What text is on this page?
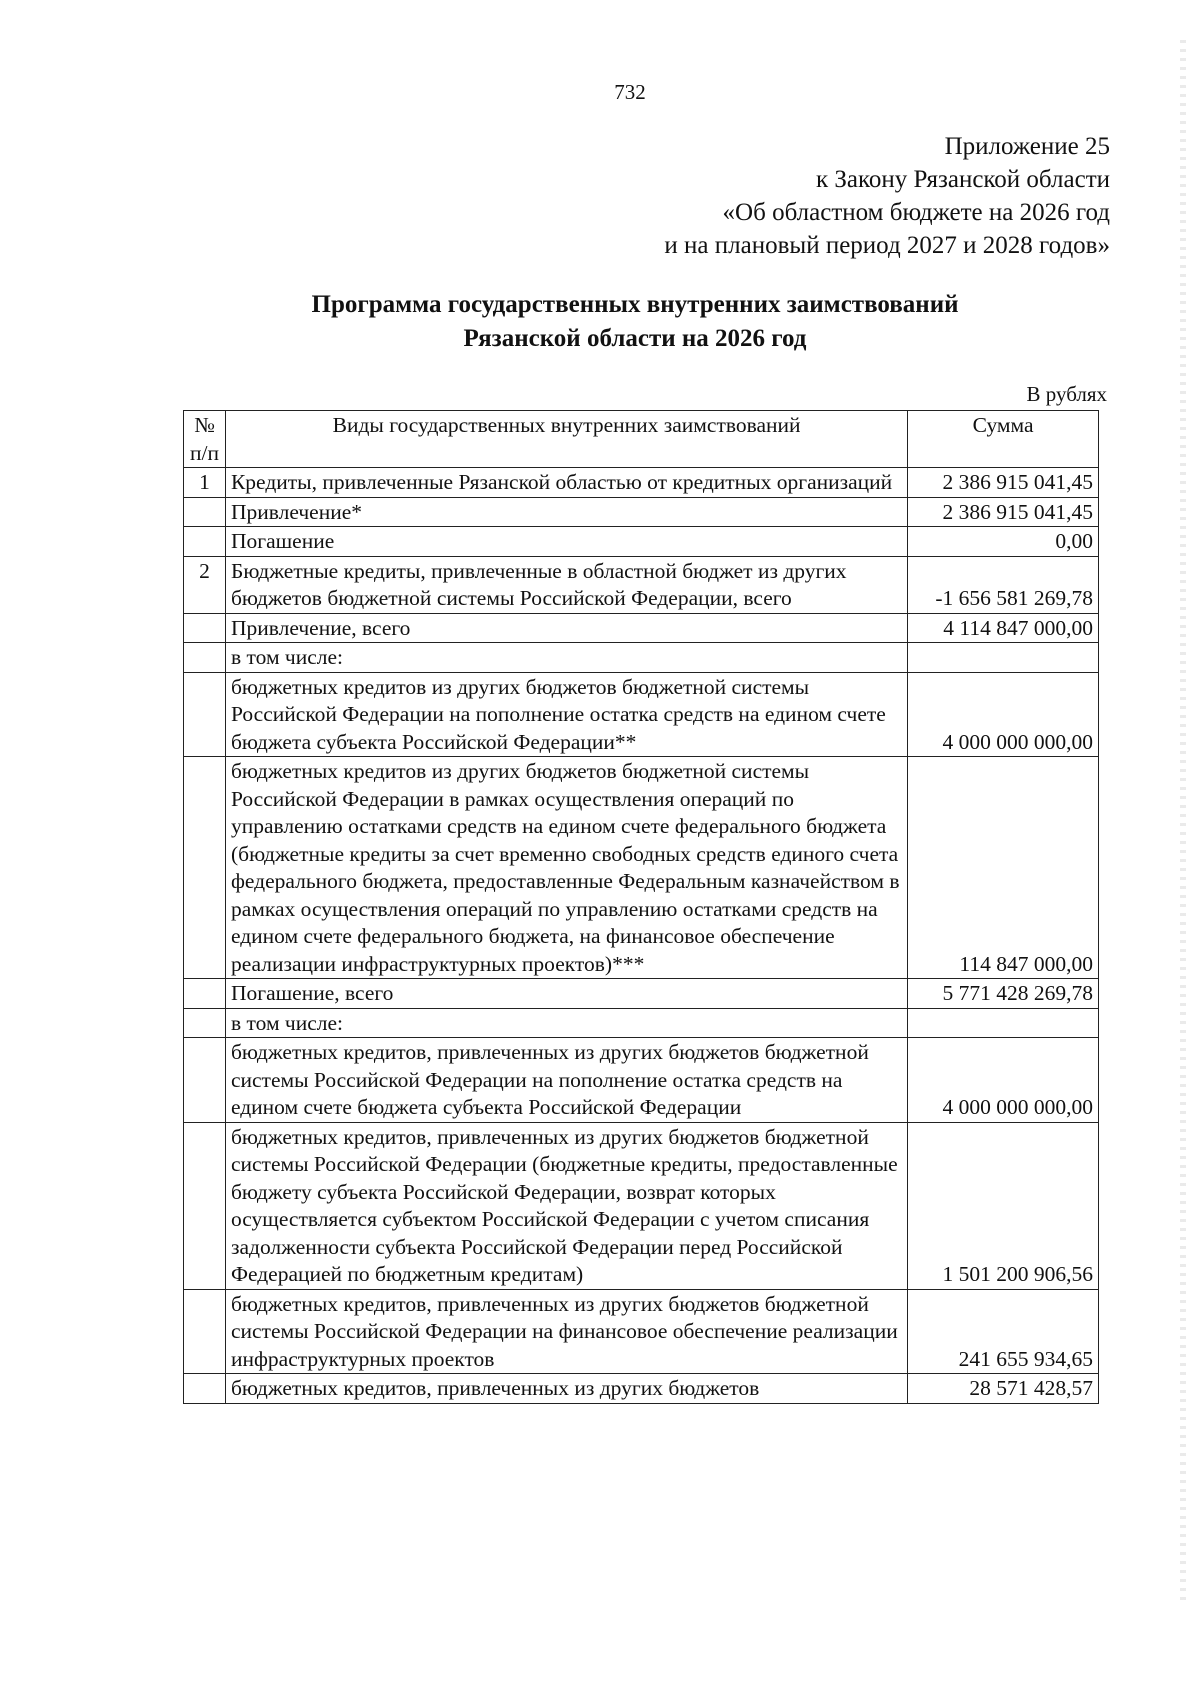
732
Приложение 25
к Закону Рязанской области
«Об областном бюджете на 2026 год
и на плановый период 2027 и 2028 годов»
Программа государственных внутренних заимствований
Рязанской области на 2026 год
В рублях
№ п/п	Виды государственных внутренних заимствований	Сумма
1	Кредиты, привлеченные Рязанской областью от кредитных организаций	2 386 915 041,45
	Привлечение*	2 386 915 041,45
	Погашение	0,00
2	Бюджетные кредиты, привлеченные в областной бюджет из других бюджетов бюджетной системы Российской Федерации, всего	-1 656 581 269,78
	Привлечение, всего	4 114 847 000,00
	в том числе:	
	бюджетных кредитов из других бюджетов бюджетной системы Российской Федерации на пополнение остатка средств на едином счете бюджета субъекта Российской Федерации**	4 000 000 000,00
	бюджетных кредитов из других бюджетов бюджетной системы Российской Федерации в рамках осуществления операций по управлению остатками средств на едином счете федерального бюджета (бюджетные кредиты за счет временно свободных средств единого счета федерального бюджета, предоставленные Федеральным казначейством в рамках осуществления операций по управлению остатками средств на едином счете федерального бюджета, на финансовое обеспечение реализации инфраструктурных проектов)***	114 847 000,00
	Погашение, всего	5 771 428 269,78
	в том числе:	
	бюджетных кредитов, привлеченных из других бюджетов бюджетной системы Российской Федерации на пополнение остатка средств на едином счете бюджета субъекта Российской Федерации	4 000 000 000,00
	бюджетных кредитов, привлеченных из других бюджетов бюджетной системы Российской Федерации (бюджетные кредиты, предоставленные бюджету субъекта Российской Федерации, возврат которых осуществляется субъектом Российской Федерации с учетом списания задолженности субъекта Российской Федерации перед Российской Федерацией по бюджетным кредитам)	1 501 200 906,56
	бюджетных кредитов, привлеченных из других бюджетов бюджетной системы Российской Федерации на финансовое обеспечение реализации инфраструктурных проектов	241 655 934,65
	бюджетных кредитов, привлеченных из других бюджетов	28 571 428,57
